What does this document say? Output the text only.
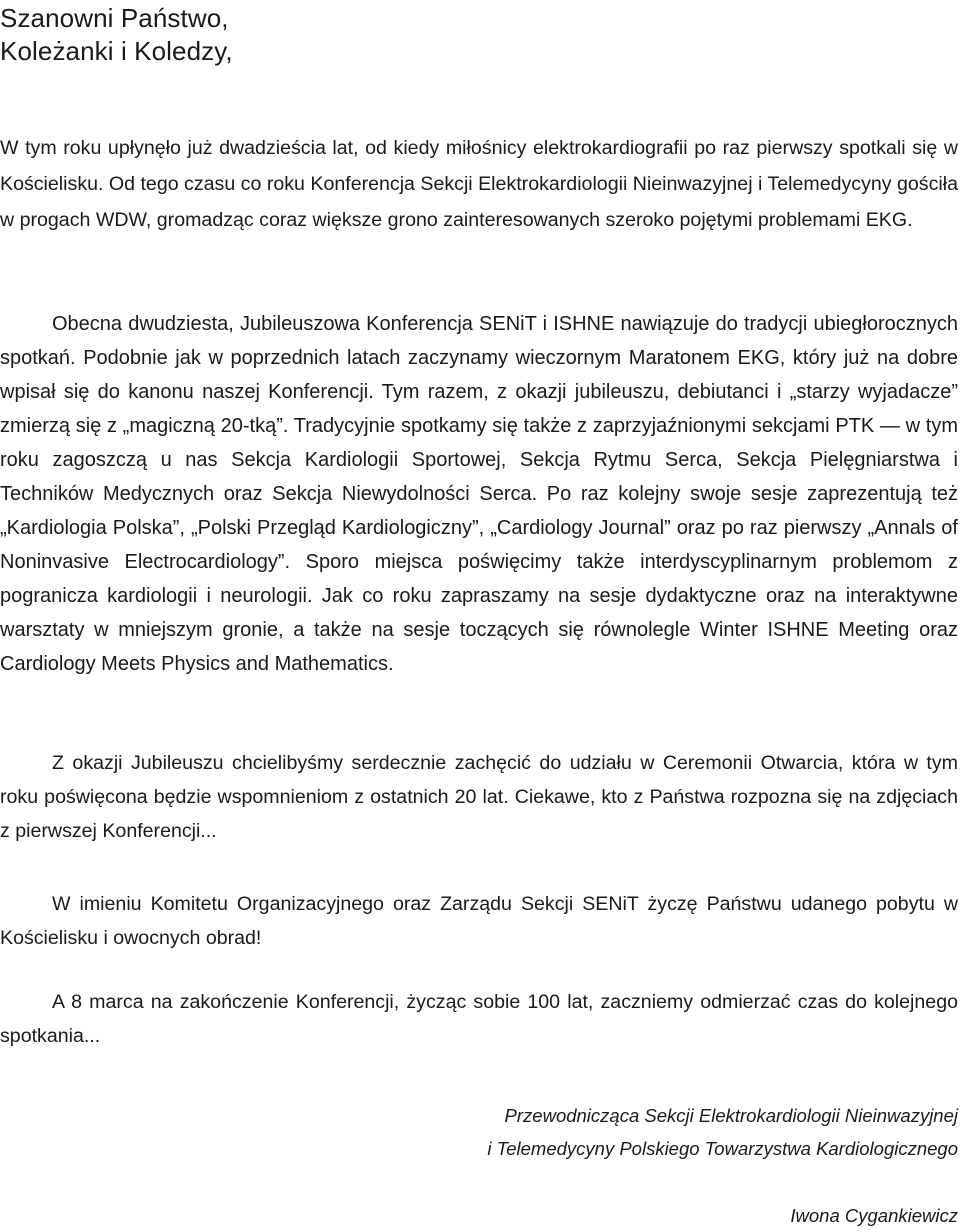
Szanowni Państwo,
Koleżanki i Koledzy,

W tym roku upłynęło już dwadzieścia lat, od kiedy miłośnicy elektrokardiografii po raz pierwszy spotkali się w Kościelisku. Od tego czasu co roku Konferencja Sekcji Elektrokardiologii Nieinwazyjnej i Telemedycyny gościła w progach WDW, gromadząc coraz większe grono zainteresowanych szeroko pojętymi problemami EKG.

Obecna dwudziesta, Jubileuszowa Konferencja SENiT i ISHNE nawiązuje do tradycji ubiegłorocznych spotkań. Podobnie jak w poprzednich latach zaczynamy wieczornym Maratonem EKG, który już na dobre wpisał się do kanonu naszej Konferencji. Tym razem, z okazji jubileuszu, debiutanci i „starzy wyjadacze” zmierzą się z „magiczną 20-tką”. Tradycyjnie spotkamy się także z zaprzyjaźnionymi sekcjami PTK — w tym roku zagoszczą u nas Sekcja Kardiologii Sportowej, Sekcja Rytmu Serca, Sekcja Pielęgniarstwa i Techników Medycznych oraz Sekcja Niewydolności Serca. Po raz kolejny swoje sesje zaprezentują też „Kardiologia Polska”, „Polski Przegląd Kardiologiczny”, „Cardiology Journal” oraz po raz pierwszy „Annals of Noninvasive Electrocardiology”. Sporo miejsca poświęcimy także interdyscyplinarnym problemom z pogranicza kardiologii i neurologii. Jak co roku zapraszamy na sesje dydaktyczne oraz na interaktywne warsztaty w mniejszym gronie, a także na sesje toczących się równolegle Winter ISHNE Meeting oraz Cardiology Meets Physics and Mathematics.

Z okazji Jubileuszu chcielibyśmy serdecznie zachęcić do udziału w Ceremonii Otwarcia, która w tym roku poświęcona będzie wspomnieniom z ostatnich 20 lat. Ciekawe, kto z Państwa rozpozna się na zdjęciach z pierwszej Konferencji...

W imieniu Komitetu Organizacyjnego oraz Zarządu Sekcji SENiT życzę Państwu udanego pobytu w Kościelisku i owocnych obrad!

A 8 marca na zakończenie Konferencji, życząc sobie 100 lat, zaczniemy odmierzać czas do kolejnego spotkania...

Przewodnicząca Sekcji Elektrokardiologii Nieinwazyjnej
i Telemedycyny Polskiego Towarzystwa Kardiologicznego
Iwona Cygankiewicz
